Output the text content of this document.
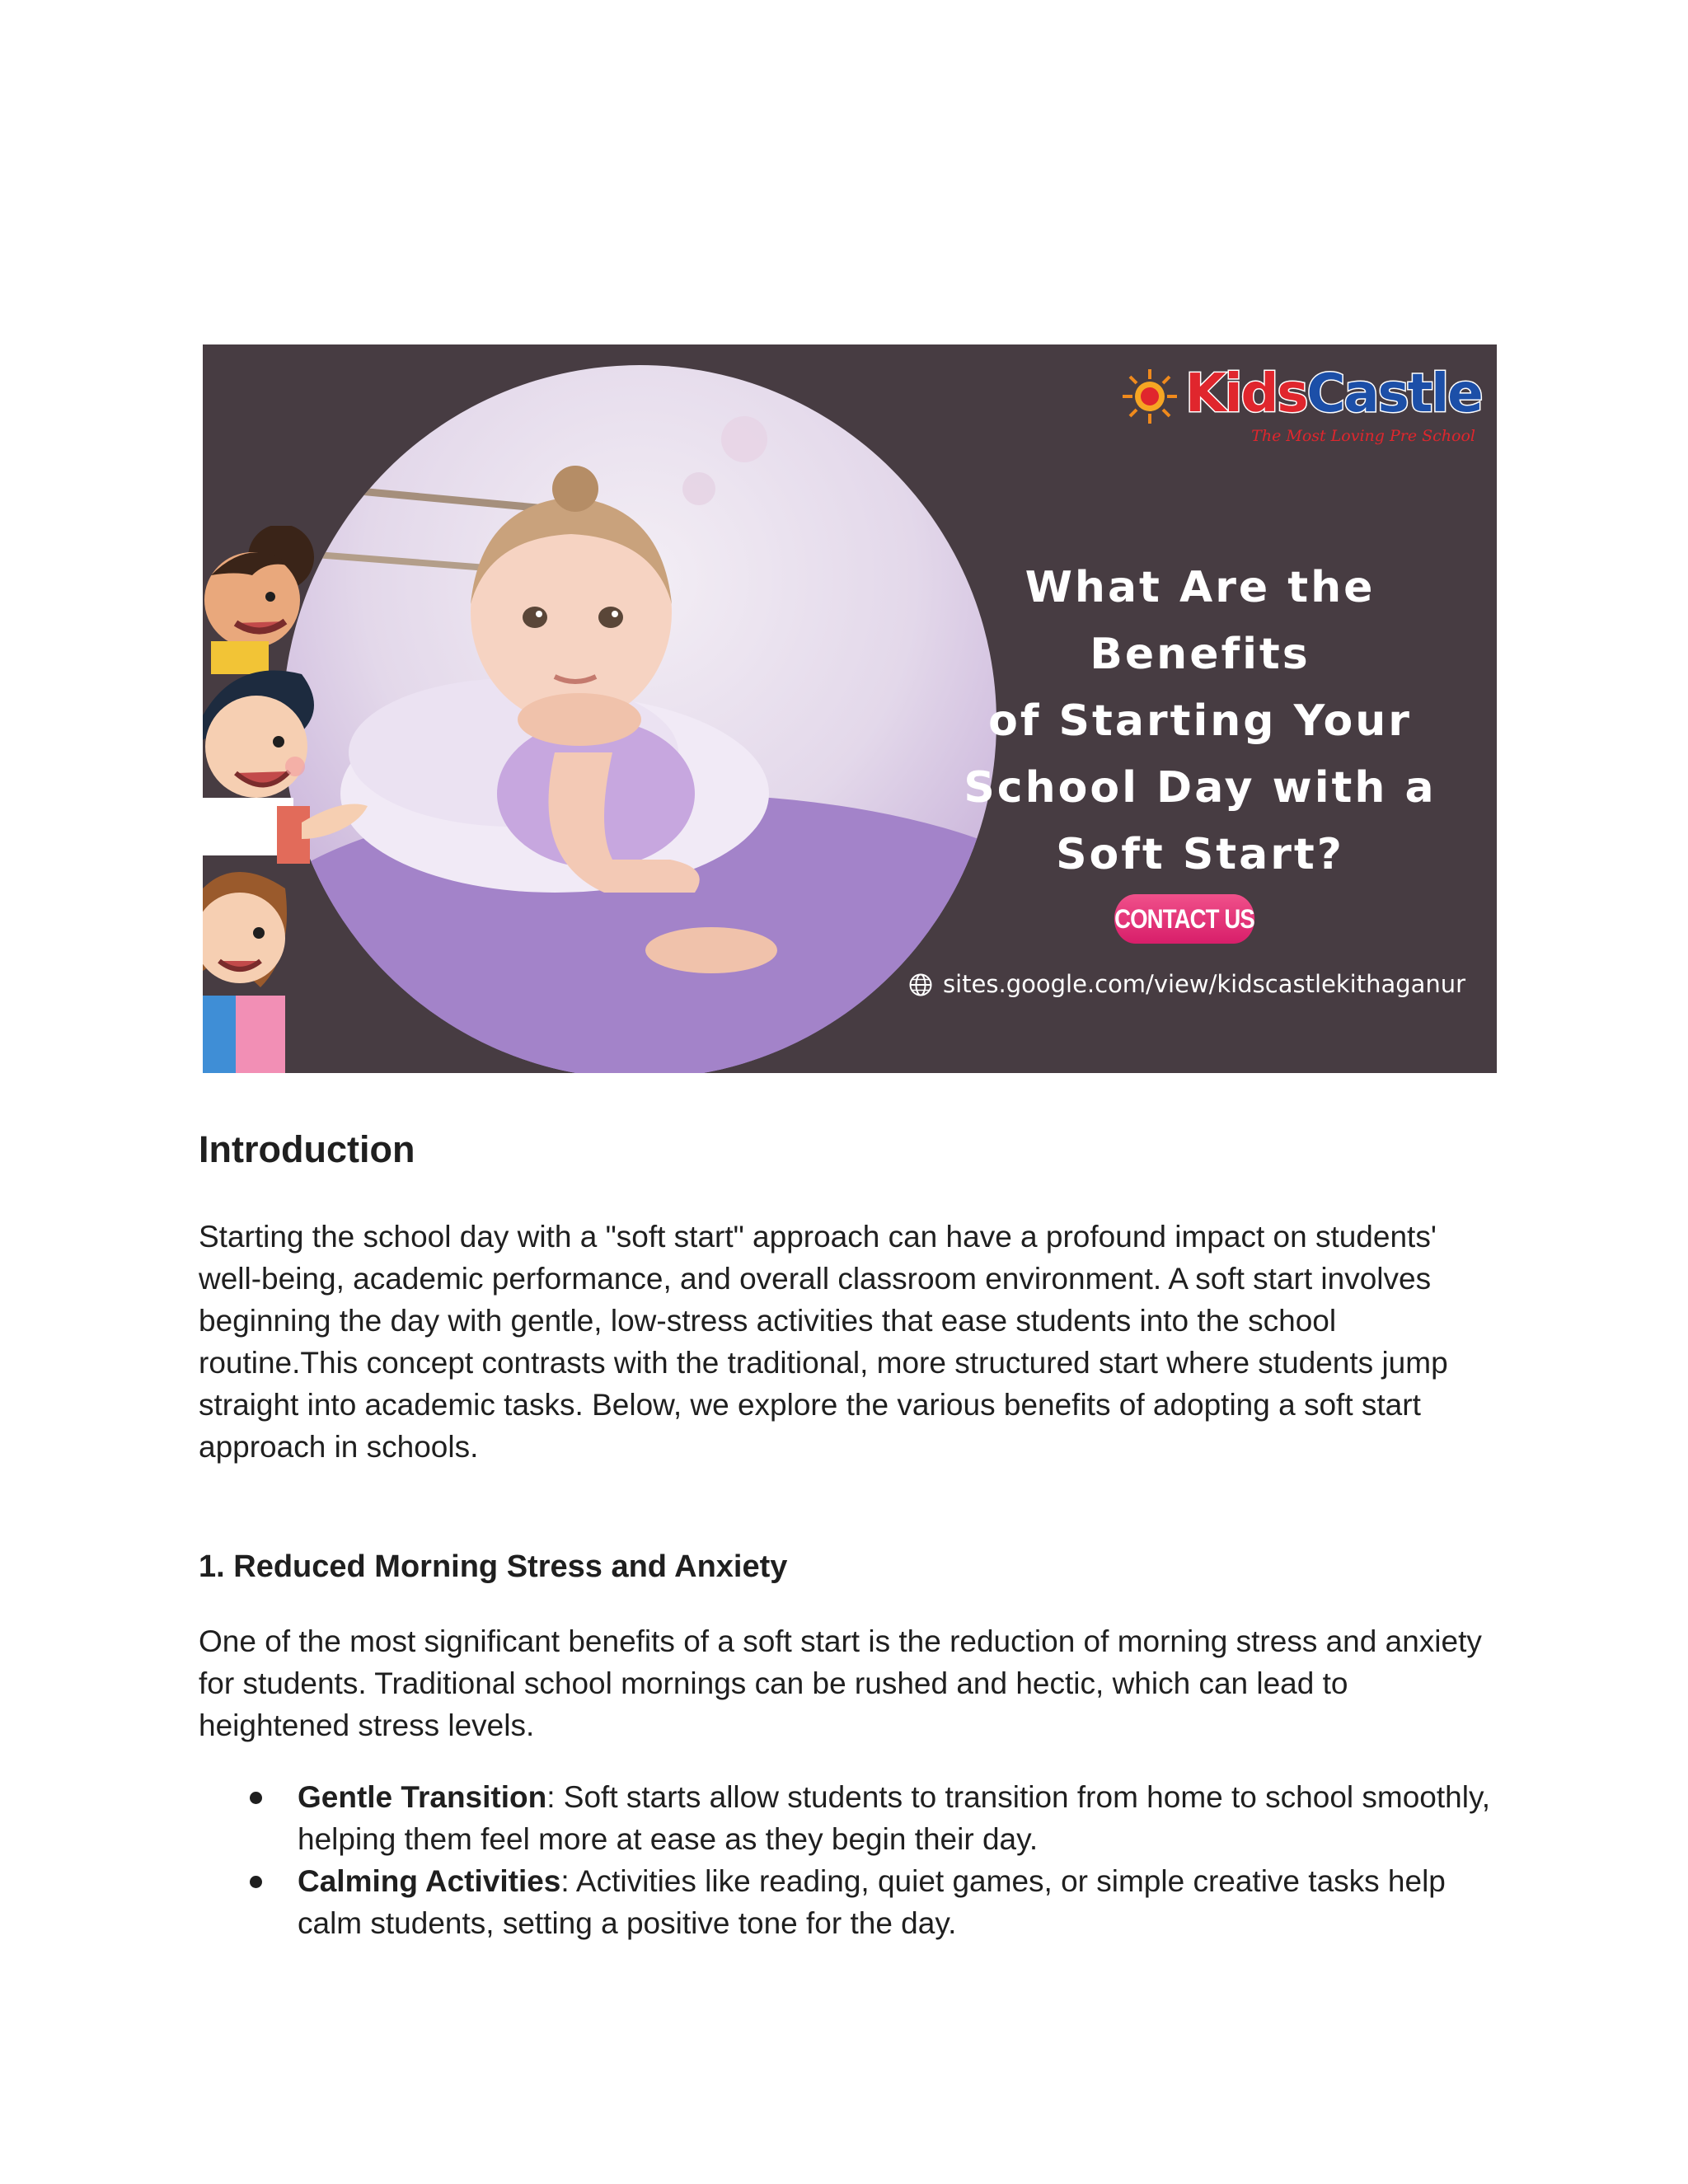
KidsCastle
The Most Loving Pre School
What Are the Benefits
of Starting Your
School Day with a
Soft Start?
CONTACT US
sites.google.com/view/kidscastlekithaganur
Introduction

Starting the school day with a "soft start" approach can have a profound impact on students' well-being, academic performance, and overall classroom environment. A soft start involves beginning the day with gentle, low-stress activities that ease students into the school routine.This concept contrasts with the traditional, more structured start where students jump straight into academic tasks. Below, we explore the various benefits of adopting a soft start approach in schools.

1. Reduced Morning Stress and Anxiety

One of the most significant benefits of a soft start is the reduction of morning stress and anxiety for students. Traditional school mornings can be rushed and hectic, which can lead to heightened stress levels.

Gentle Transition: Soft starts allow students to transition from home to school smoothly, helping them feel more at ease as they begin their day.
Calming Activities: Activities like reading, quiet games, or simple creative tasks help calm students, setting a positive tone for the day.
